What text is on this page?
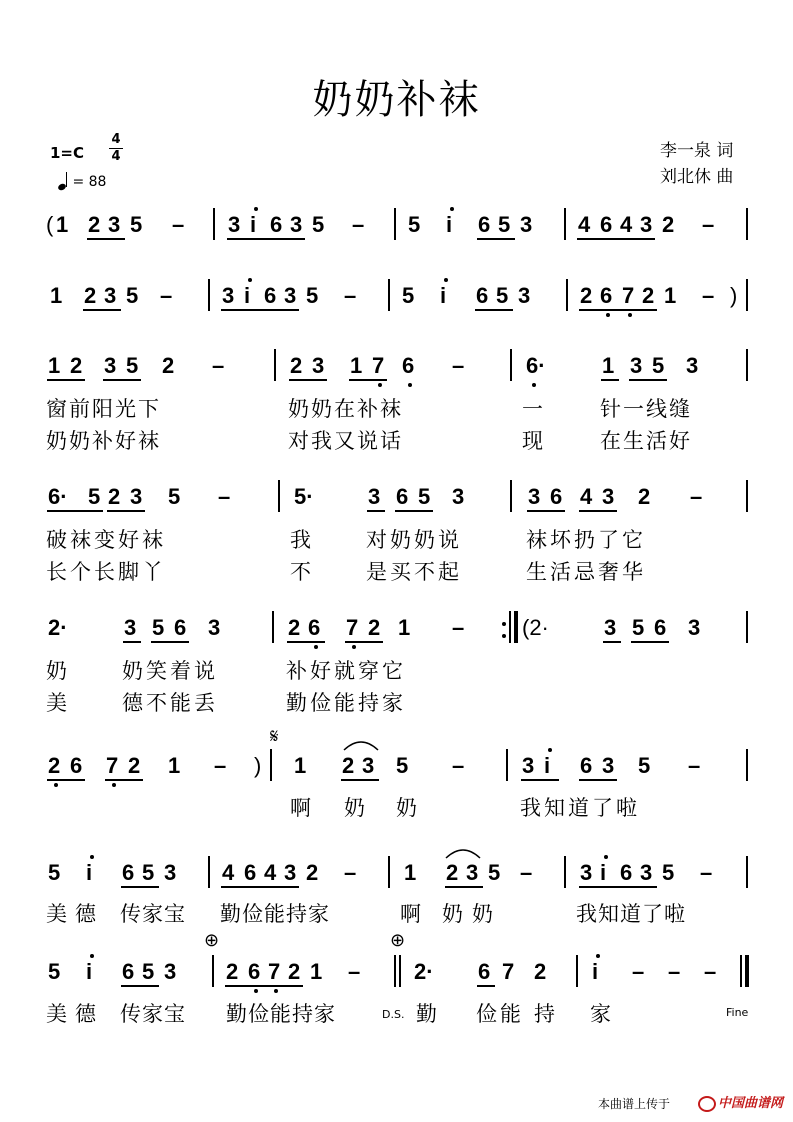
奶奶补袜
1=C
4
4
= 88
李一泉 词
刘北休 曲
( 1 2 3 5 – 3 i 6 3 5 – 5 i 6 5 3 4 6 4 3 2 –
1 2 3 5 – 3 i 6 3 5 – 5 i 6 5 3 2 6 7 2 1 – )
1 2 3 5 2 –	2 3 1 7 6 –	6·	1 3 5 3
窗前阳光下	奶奶在补袜	一	针一线缝
奶奶补好袜	对我又说话	现	在生活好
6· 5 2 3 5 –	5· 3 6 5 3	3 6 4 3 2 –
破袜变好袜	我	对奶奶说	袜坏扔了它
长个长脚丫	不	是买不起	生活忌奢华
2·	3 5 6 3	2 6 7 2 1 –	(2·	3 5 6 3
奶	奶笑着说	补好就穿它
美	德不能丢	勤俭能持家
𝄋
2 6 7 2 1 – ) 1 2 3 5 –	3 i 6 3 5 –
啊 奶 奶	我知道了啦
5 i 6 5 3 4 6 4 3 2 – 1 2 3 5 – 3 i 6 3 5 –
美德 传家宝 勤俭能持家	啊 奶 奶	我知道了啦
⊕	⊕
5 i 6 5 3 2 6 7 2 1 – 2· 6 7 2 i – – –
美德 传家宝 勤俭能持家	D.S. 勤 俭能 持 家	Fine
本曲谱上传于	中国曲谱网
